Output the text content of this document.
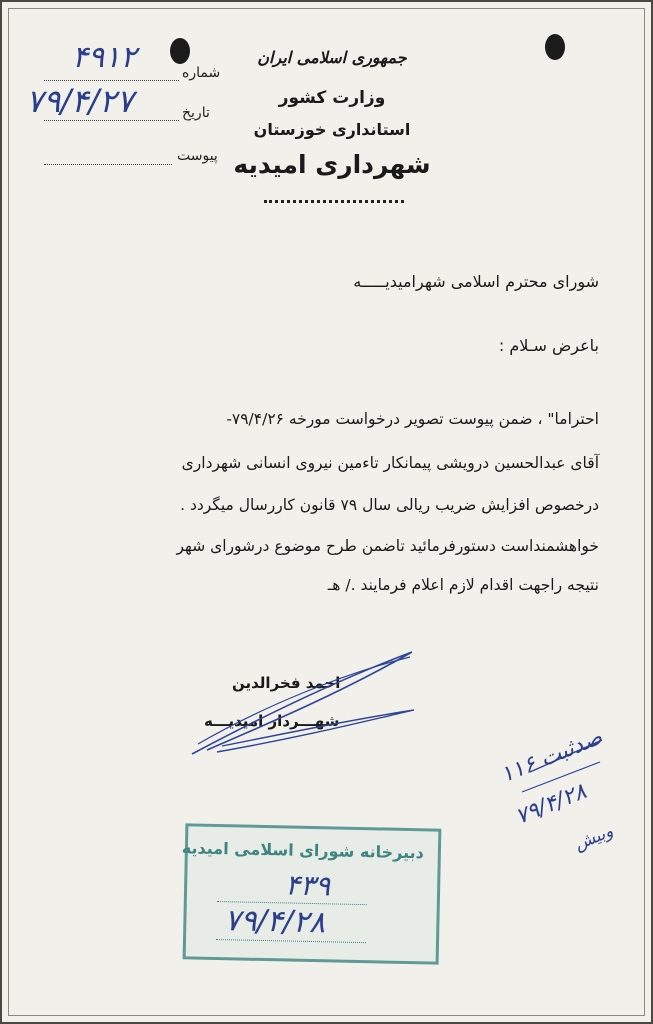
جمهوری اسلامی ایران
وزارت کشور
استانداری خوزستان
شهرداری امیدیه
شماره
۴۹۱۲
تاریخ
۷۹/۴/۲۷
پیوست
شورای محترم اسلامی شهرامیدیـــــه
باعرض سـلام :
احتراما" ، ضمن پیوست تصویر درخواست مورخه ۷۹/۴/۲۶-
آقای عبدالحسین درویشی پیمانکار تاءمین نیروی انسانی شهرداری
درخصوص افزایش ضریب ریالی سال ۷۹ قانون کاررسال میگردد .
خواهشمنداست دستورفرمائید تاضمن طرح موضوع درشورای شهر
نتیجه راجهت اقدام لازم اعلام فرمایند ./ هـ
احمد فخرالدین
شهـــردار امیدیـــه
صدثبت ۱۱۶
۷۹/۴/۲۸
وبیش
دبیرخانه شورای اسلامی امیدیه
۴۳۹
۷۹/۴/۲۸
